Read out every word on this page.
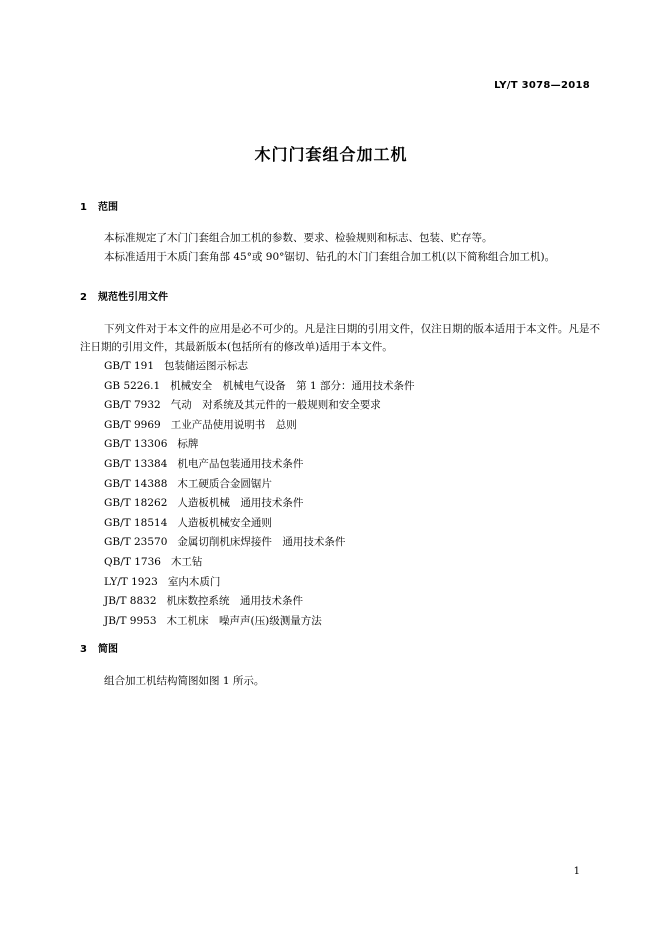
LY/T 3078—2018
木门门套组合加工机
1 范围

本标准规定了木门门套组合加工机的参数、要求、检验规则和标志、包装、贮存等。

本标准适用于木质门套角部 45°或 90°锯切、钻孔的木门门套组合加工机(以下简称组合加工机)。

2 规范性引用文件

下列文件对于本文件的应用是必不可少的。凡是注日期的引用文件，仅注日期的版本适用于本文件。凡是不注日期的引用文件，其最新版本(包括所有的修改单)适用于本文件。

GB/T 191 包装储运图示标志
GB 5226.1 机械安全　机械电气设备　第 1 部分：通用技术条件
GB/T 7932 气动　对系统及其元件的一般规则和安全要求
GB/T 9969 工业产品使用说明书　总则
GB/T 13306 标牌
GB/T 13384 机电产品包装通用技术条件
GB/T 14388 木工硬质合金圆锯片
GB/T 18262 人造板机械　通用技术条件
GB/T 18514 人造板机械安全通则
GB/T 23570 金属切削机床焊接件　通用技术条件
QB/T 1736 木工钻
LY/T 1923 室内木质门
JB/T 8832 机床数控系统　通用技术条件
JB/T 9953 木工机床　噪声声(压)级测量方法
3 简图

组合加工机结构简图如图 1 所示。

1
